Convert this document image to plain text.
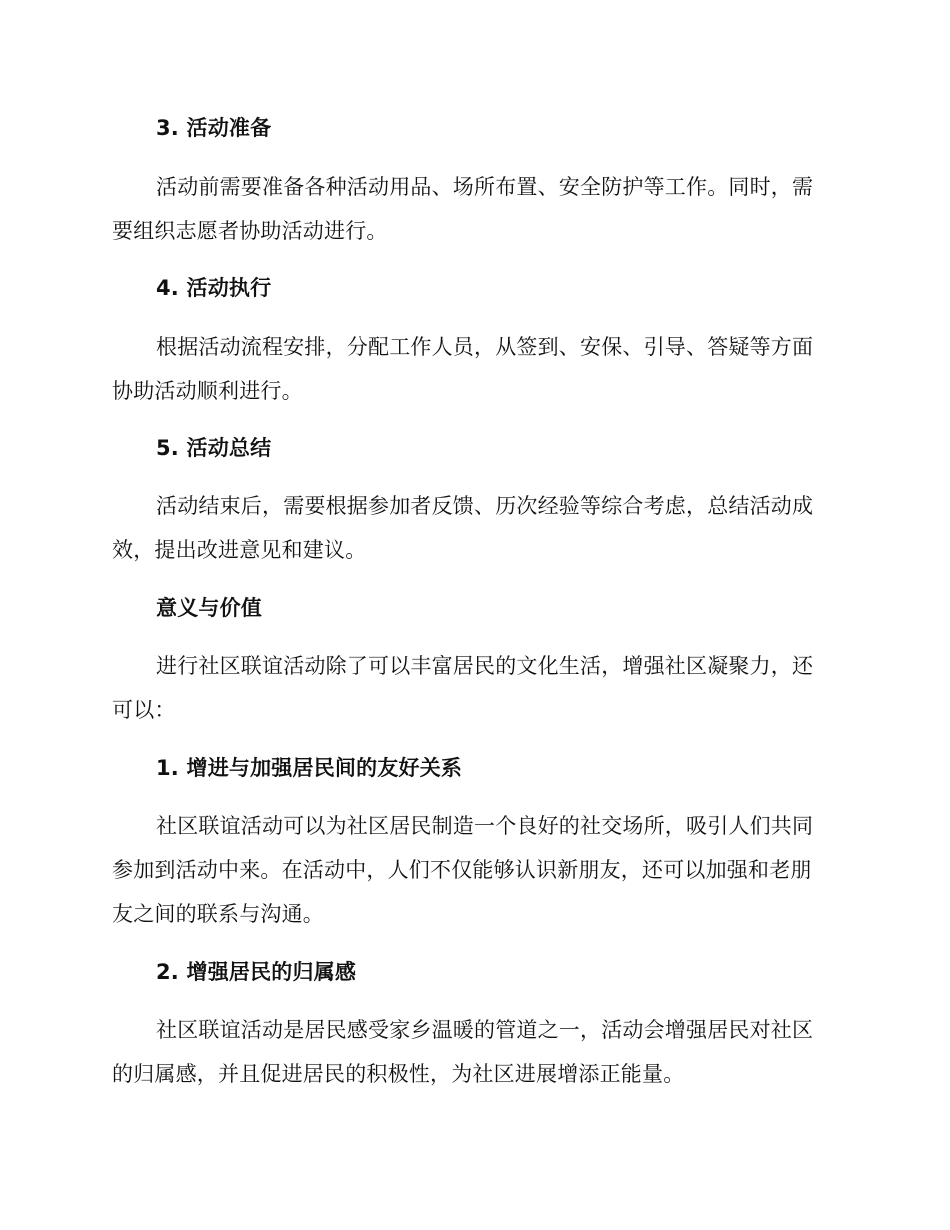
3. 活动准备
活动前需要准备各种活动用品、场所布置、安全防护等工作。同时，需
要组织志愿者协助活动进行。
4. 活动执行
根据活动流程安排，分配工作人员，从签到、安保、引导、答疑等方面
协助活动顺利进行。
5. 活动总结
活动结束后，需要根据参加者反馈、历次经验等综合考虑，总结活动成
效，提出改进意见和建议。
意义与价值
进行社区联谊活动除了可以丰富居民的文化生活，增强社区凝聚力，还
可以：
1. 增进与加强居民间的友好关系
社区联谊活动可以为社区居民制造一个良好的社交场所，吸引人们共同
参加到活动中来。在活动中，人们不仅能够认识新朋友，还可以加强和老朋
友之间的联系与沟通。
2. 增强居民的归属感
社区联谊活动是居民感受家乡温暖的管道之一，活动会增强居民对社区
的归属感，并且促进居民的积极性，为社区进展增添正能量。
